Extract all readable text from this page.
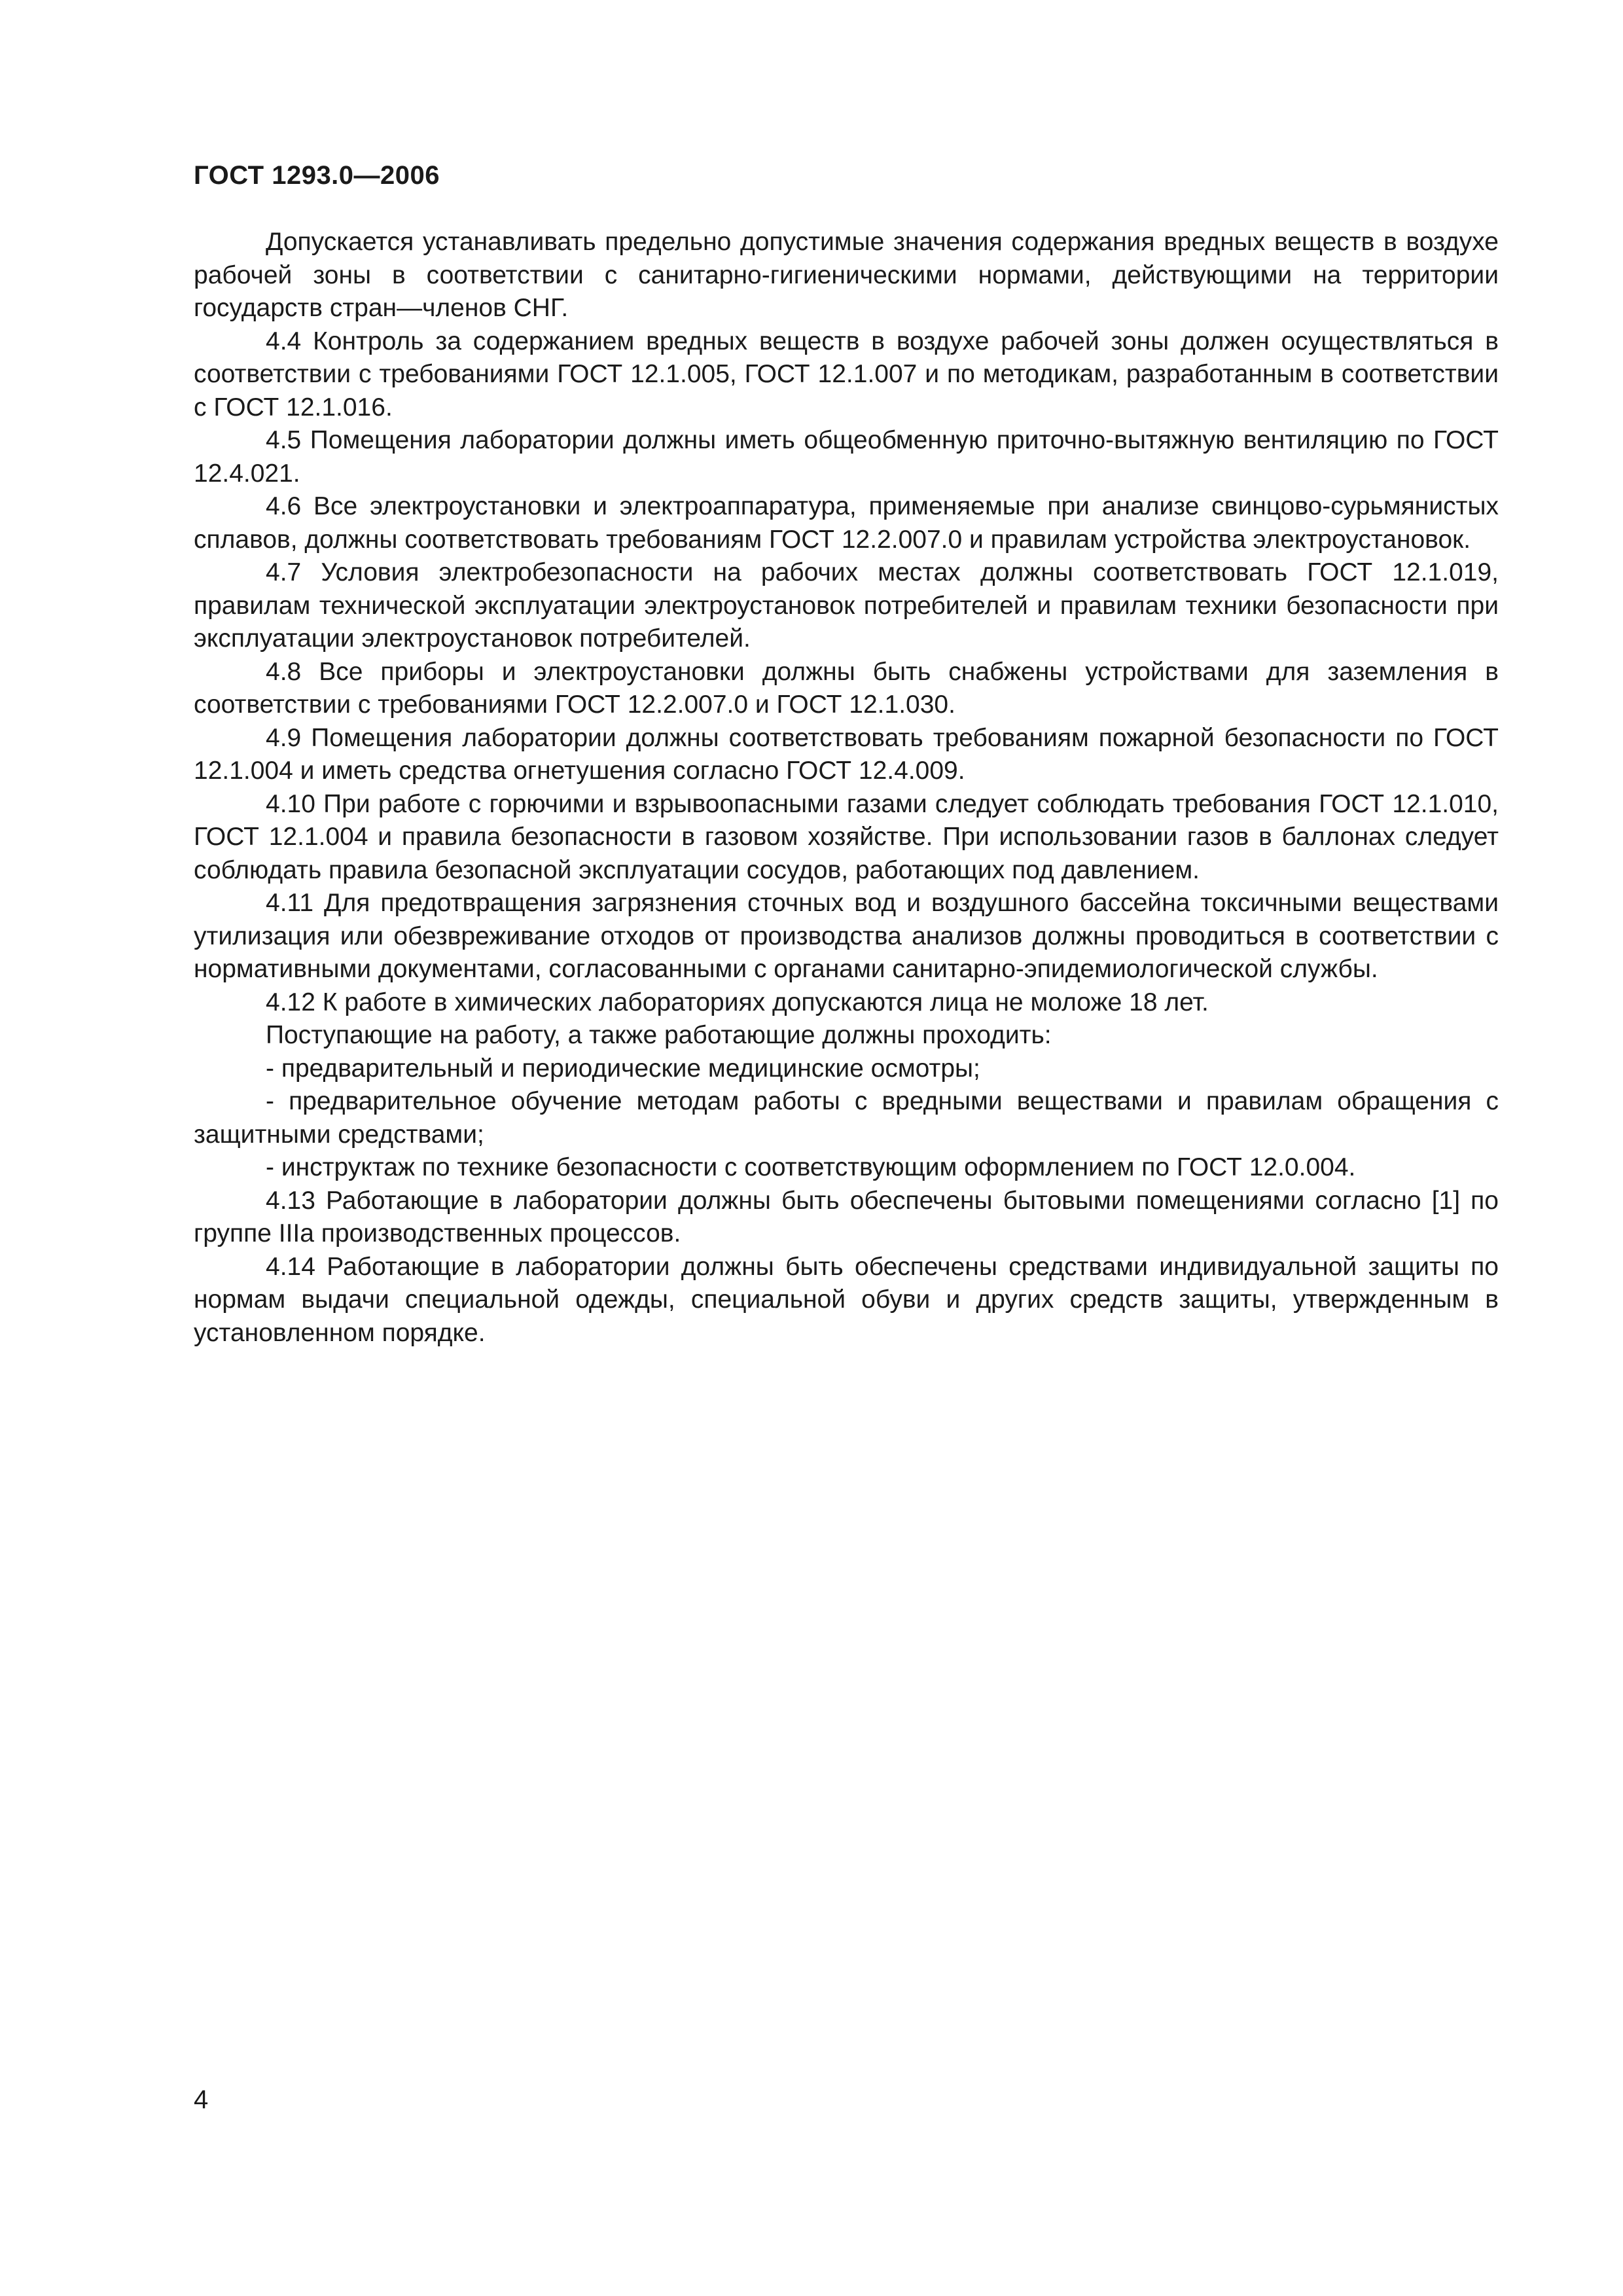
ГОСТ 1293.0—2006

Допускается устанавливать предельно допустимые значения содержания вредных веществ в воздухе рабочей зоны в соответствии с санитарно-гигиеническими нормами, действующими на территории государств стран—членов СНГ.

4.4 Контроль за содержанием вредных веществ в воздухе рабочей зоны должен осуществляться в соответствии с требованиями ГОСТ 12.1.005, ГОСТ 12.1.007 и по методикам, разработанным в соответствии с ГОСТ 12.1.016.

4.5 Помещения лаборатории должны иметь общеобменную приточно-вытяжную вентиляцию по ГОСТ 12.4.021.

4.6 Все электроустановки и электроаппаратура, применяемые при анализе свинцово-сурьмянистых сплавов, должны соответствовать требованиям ГОСТ 12.2.007.0 и правилам устройства электроустановок.

4.7 Условия электробезопасности на рабочих местах должны соответствовать ГОСТ 12.1.019, правилам технической эксплуатации электроустановок потребителей и правилам техники безопасности при эксплуатации электроустановок потребителей.

4.8 Все приборы и электроустановки должны быть снабжены устройствами для заземления в соответствии с требованиями ГОСТ 12.2.007.0 и ГОСТ 12.1.030.

4.9 Помещения лаборатории должны соответствовать требованиям пожарной безопасности по ГОСТ 12.1.004 и иметь средства огнетушения согласно ГОСТ 12.4.009.

4.10 При работе с горючими и взрывоопасными газами следует соблюдать требования ГОСТ 12.1.010, ГОСТ 12.1.004 и правила безопасности в газовом хозяйстве. При использовании газов в баллонах следует соблюдать правила безопасной эксплуатации сосудов, работающих под давлением.

4.11 Для предотвращения загрязнения сточных вод и воздушного бассейна токсичными веществами утилизация или обезвреживание отходов от производства анализов должны проводиться в соответствии с нормативными документами, согласованными с органами санитарно-эпидемиологической службы.

4.12 К работе в химических лабораториях допускаются лица не моложе 18 лет.

Поступающие на работу, а также работающие должны проходить:

- предварительный и периодические медицинские осмотры;

- предварительное обучение методам работы с вредными веществами и правилам обращения с защитными средствами;

- инструктаж по технике безопасности с соответствующим оформлением по ГОСТ 12.0.004.

4.13 Работающие в лаборатории должны быть обеспечены бытовыми помещениями согласно [1] по группе IIIа производственных процессов.

4.14 Работающие в лаборатории должны быть обеспечены средствами индивидуальной защиты по нормам выдачи специальной одежды, специальной обуви и других средств защиты, утвержденным в установленном порядке.

4
